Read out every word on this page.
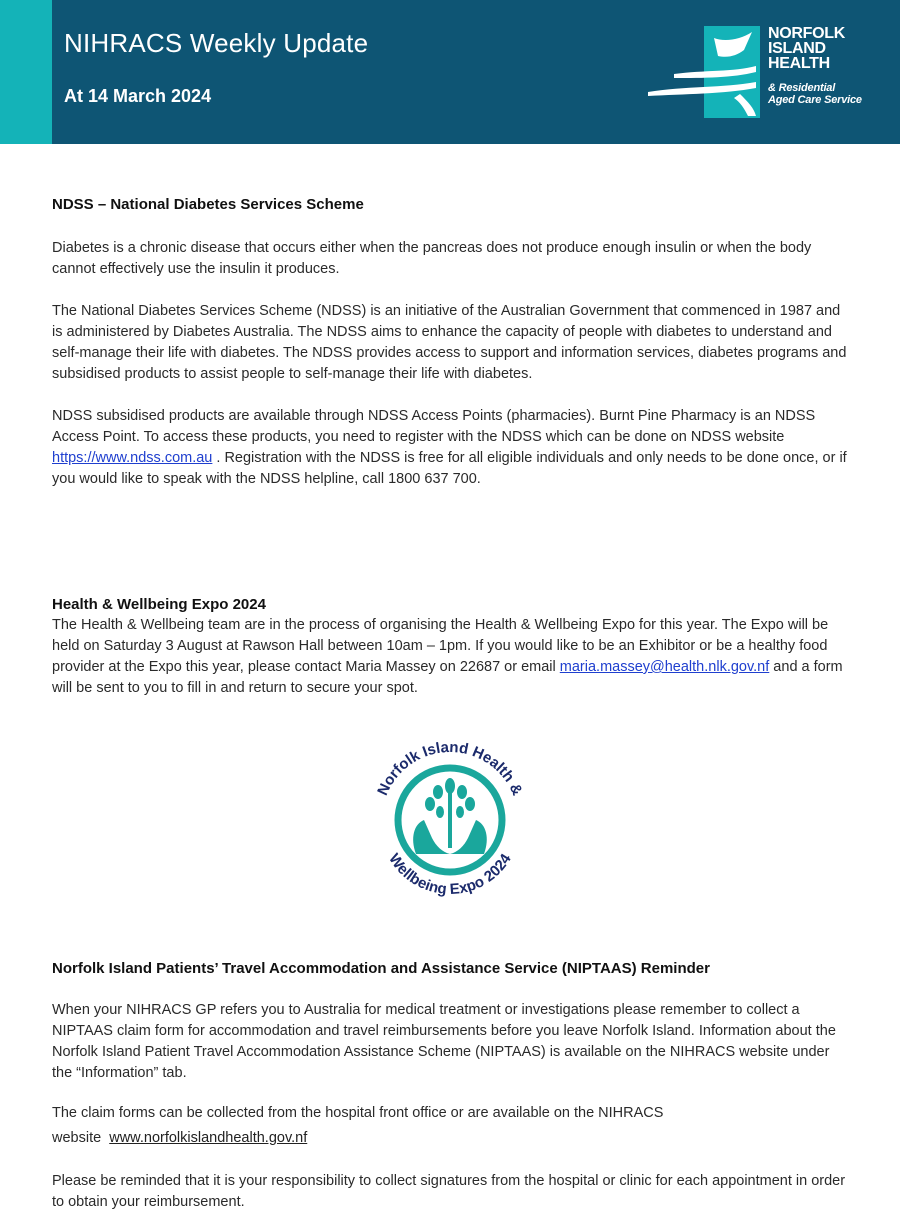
NIHRACS Weekly Update
At 14 March 2024
NORFOLK
ISLAND
HEALTH
& Residential
Aged Care Service
NDSS – National Diabetes Services Scheme
Diabetes is a chronic disease that occurs either when the pancreas does not produce enough insulin or when the body cannot effectively use the insulin it produces.
The National Diabetes Services Scheme (NDSS) is an initiative of the Australian Government that commenced in 1987 and is administered by Diabetes Australia. The NDSS aims to enhance the capacity of people with diabetes to understand and self-manage their life with diabetes. The NDSS provides access to support and information services, diabetes programs and subsidised products to assist people to self-manage their life with diabetes.
NDSS subsidised products are available through NDSS Access Points (pharmacies). Burnt Pine Pharmacy is an NDSS Access Point. To access these products, you need to register with the NDSS which can be done on NDSS website https://www.ndss.com.au . Registration with the NDSS is free for all eligible individuals and only needs to be done once, or if you would like to speak with the NDSS helpline, call 1800 637 700.
Health & Wellbeing Expo 2024
The Health & Wellbeing team are in the process of organising the Health & Wellbeing Expo for this year. The Expo will be held on Saturday 3 August at Rawson Hall between 10am – 1pm. If you would like to be an Exhibitor or be a healthy food provider at the Expo this year, please contact Maria Massey on 22687 or email maria.massey@health.nlk.gov.nf and a form will be sent to you to fill in and return to secure your spot.
Norfolk Island Health &
Wellbeing Expo 2024
Norfolk Island Patients’ Travel Accommodation and Assistance Service (NIPTAAS) Reminder
When your NIHRACS GP refers you to Australia for medical treatment or investigations please remember to collect a NIPTAAS claim form for accommodation and travel reimbursements before you leave Norfolk Island. Information about the Norfolk Island Patient Travel Accommodation Assistance Scheme (NIPTAAS) is available on the NIHRACS website under the “Information” tab.
The claim forms can be collected from the hospital front office or are available on the NIHRACS
website  www.norfolkislandhealth.gov.nf
Please be reminded that it is your responsibility to collect signatures from the hospital or clinic for each appointment in order to obtain your reimbursement.
